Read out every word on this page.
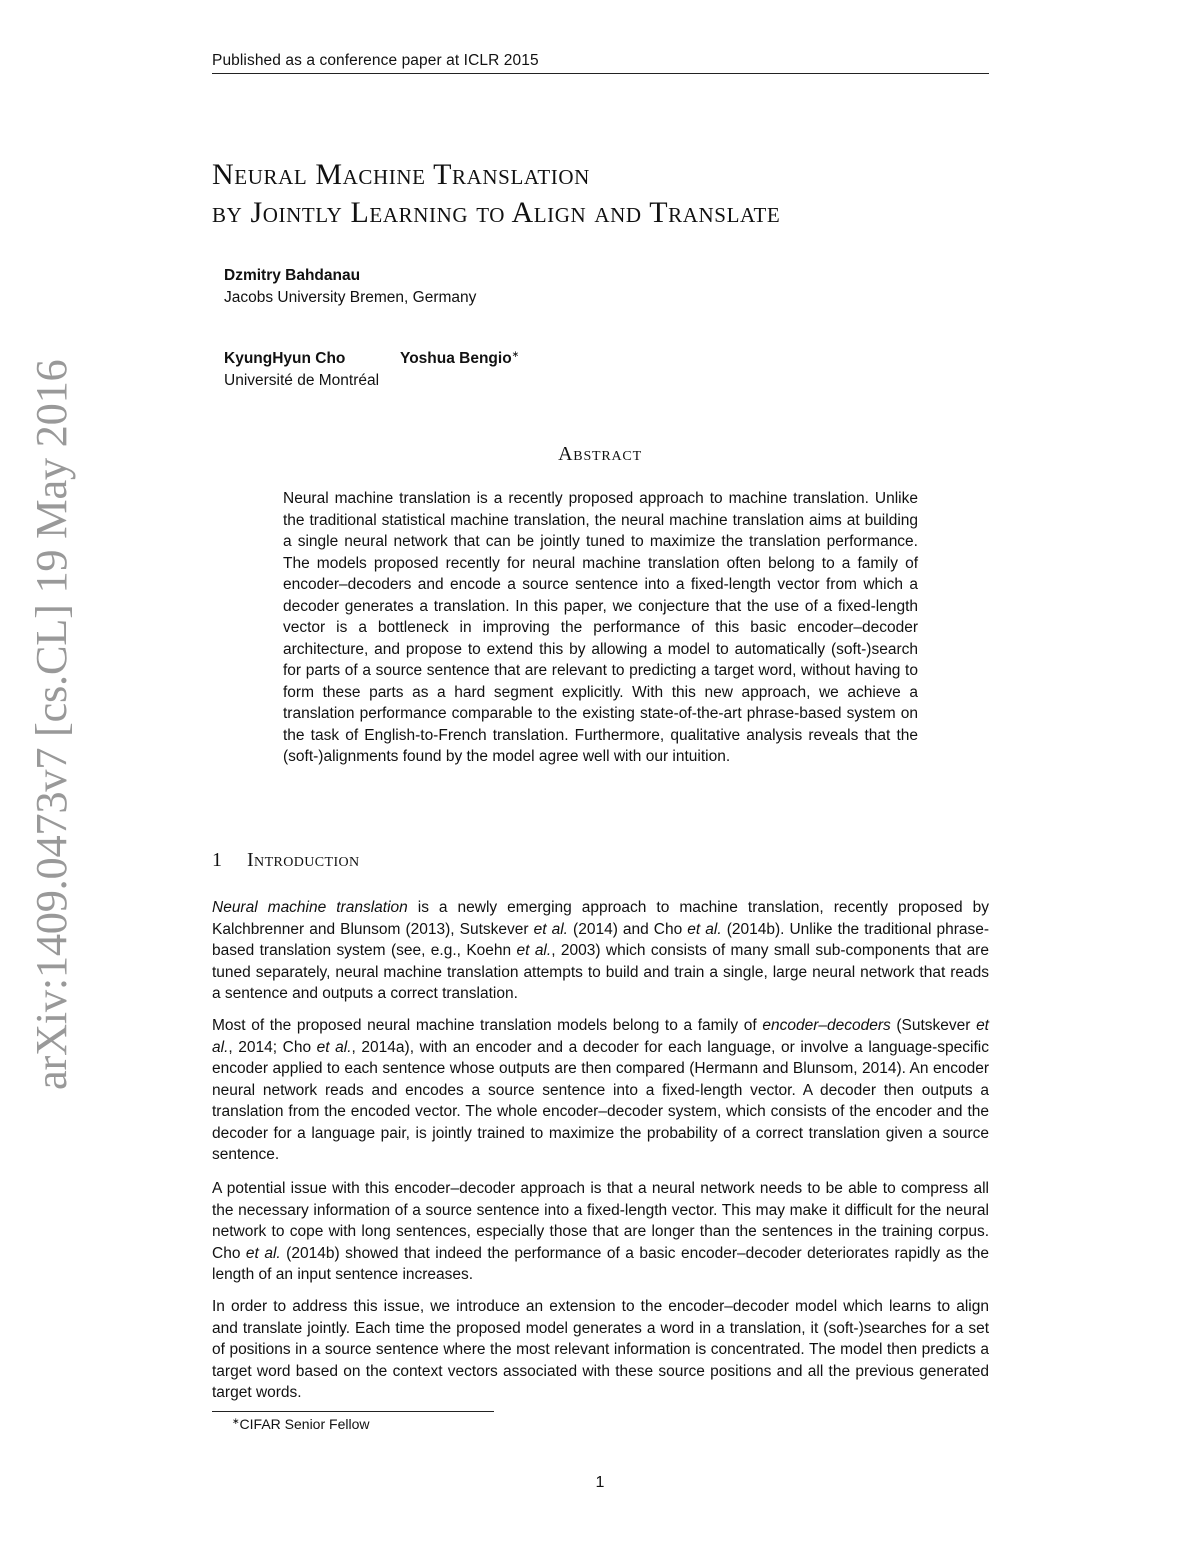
Published as a conference paper at ICLR 2015
arXiv:1409.0473v7 [cs.CL] 19 May 2016
Neural Machine Translation
by Jointly Learning to Align and Translate
Dzmitry Bahdanau
Jacobs University Bremen, Germany
KyungHyun Cho	Yoshua Bengio∗
Université de Montréal
Abstract
Neural machine translation is a recently proposed approach to machine translation. Unlike the traditional statistical machine translation, the neural machine translation aims at building a single neural network that can be jointly tuned to maximize the translation performance. The models proposed recently for neural machine translation often belong to a family of encoder–decoders and encode a source sentence into a fixed-length vector from which a decoder generates a translation. In this paper, we conjecture that the use of a fixed-length vector is a bottleneck in improving the performance of this basic encoder–decoder architecture, and propose to extend this by allowing a model to automatically (soft-)search for parts of a source sentence that are relevant to predicting a target word, without having to form these parts as a hard segment explicitly. With this new approach, we achieve a translation performance comparable to the existing state-of-the-art phrase-based system on the task of English-to-French translation. Furthermore, qualitative analysis reveals that the (soft-)alignments found by the model agree well with our intuition.
1 Introduction
Neural machine translation is a newly emerging approach to machine translation, recently proposed by Kalchbrenner and Blunsom (2013), Sutskever et al. (2014) and Cho et al. (2014b). Unlike the traditional phrase-based translation system (see, e.g., Koehn et al., 2003) which consists of many small sub-components that are tuned separately, neural machine translation attempts to build and train a single, large neural network that reads a sentence and outputs a correct translation.
Most of the proposed neural machine translation models belong to a family of encoder–decoders (Sutskever et al., 2014; Cho et al., 2014a), with an encoder and a decoder for each language, or involve a language-specific encoder applied to each sentence whose outputs are then compared (Hermann and Blunsom, 2014). An encoder neural network reads and encodes a source sentence into a fixed-length vector. A decoder then outputs a translation from the encoded vector. The whole encoder–decoder system, which consists of the encoder and the decoder for a language pair, is jointly trained to maximize the probability of a correct translation given a source sentence.
A potential issue with this encoder–decoder approach is that a neural network needs to be able to compress all the necessary information of a source sentence into a fixed-length vector. This may make it difficult for the neural network to cope with long sentences, especially those that are longer than the sentences in the training corpus. Cho et al. (2014b) showed that indeed the performance of a basic encoder–decoder deteriorates rapidly as the length of an input sentence increases.
In order to address this issue, we introduce an extension to the encoder–decoder model which learns to align and translate jointly. Each time the proposed model generates a word in a translation, it (soft-)searches for a set of positions in a source sentence where the most relevant information is concentrated. The model then predicts a target word based on the context vectors associated with these source positions and all the previous generated target words.
∗CIFAR Senior Fellow
1
